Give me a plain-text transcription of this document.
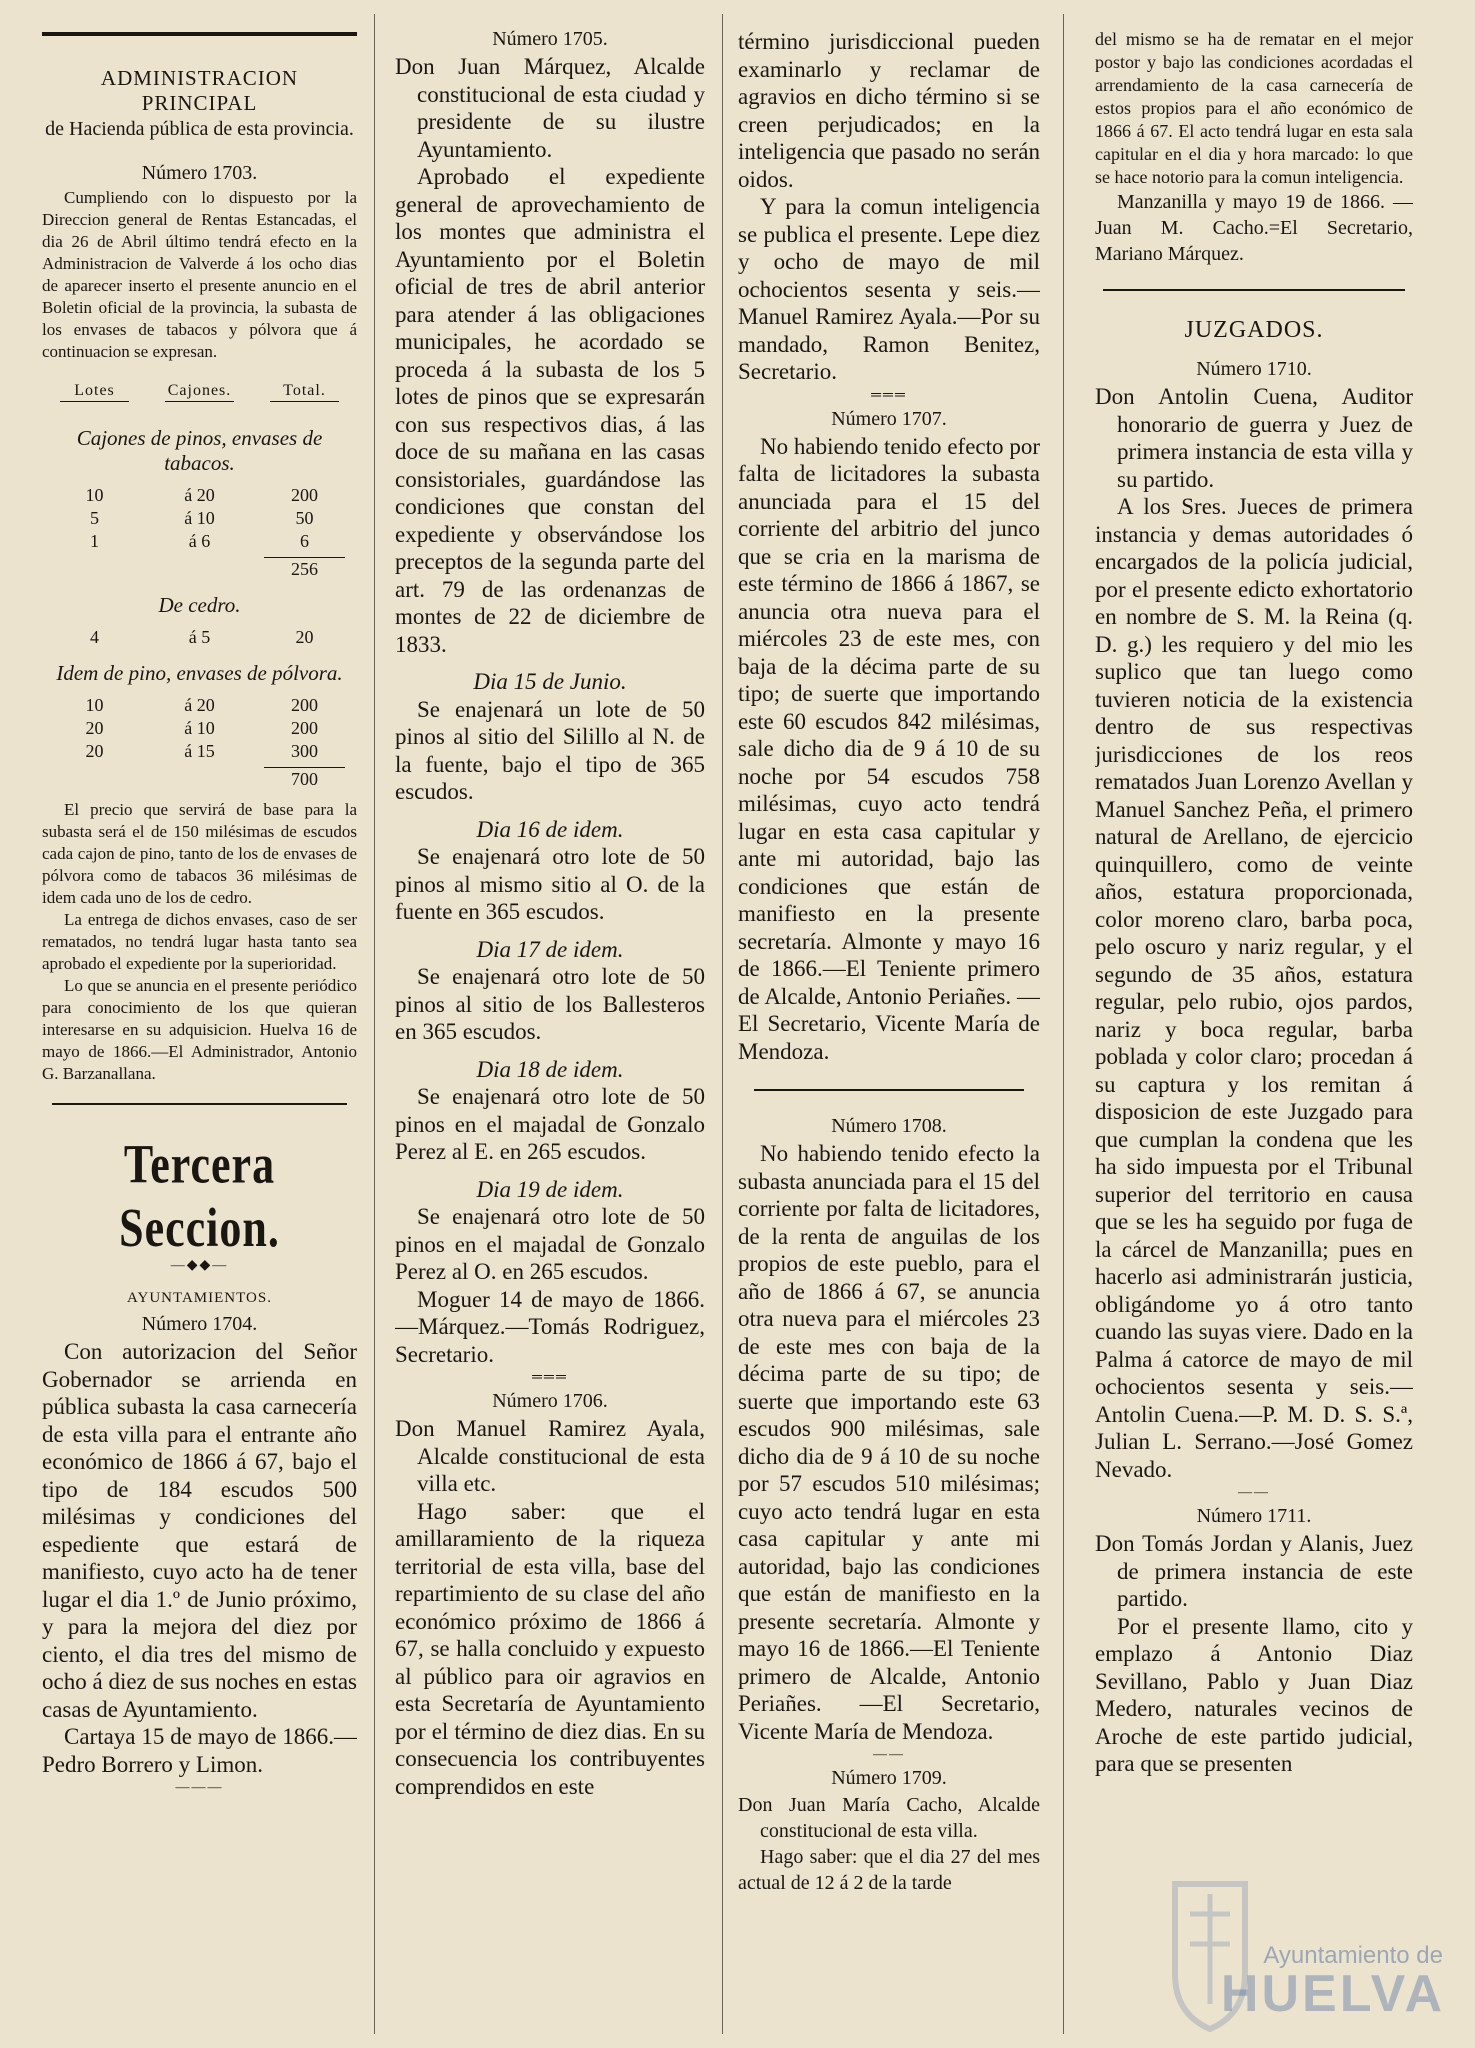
ADMINISTRACION PRINCIPAL
de Hacienda pública de esta provincia.
Número 1703.
Cumpliendo con lo dispuesto por la Direccion general de Rentas Estancadas, el dia 26 de Abril último tendrá efecto en la Administracion de Valverde á los ocho dias de aparecer inserto el presente anuncio en el Boletin oficial de la provincia, la subasta de los envases de tabacos y pólvora que á continuacion se expresan.
Lotes	Cajones.	Total.
Cajones de pinos, envases de tabacos.
10	á 20	200
5	á 10	50
1	á 6	6
256
De cedro.
4	á 5	20
Idem de pino, envases de pólvora.
10	á 20	200
20	á 10	200
20	á 15	300
700
El precio que servirá de base para la subasta será el de 150 milésimas de escudos cada cajon de pino, tanto de los de envases de pólvora como de tabacos 36 milésimas de idem cada uno de los de cedro.
La entrega de dichos envases, caso de ser rematados, no tendrá lugar hasta tanto sea aprobado el expediente por la superioridad.
Lo que se anuncia en el presente periódico para conocimiento de los que quieran interesarse en su adquisicion. Huelva 16 de mayo de 1866.—El Administrador, Antonio G. Barzanallana.
Tercera Seccion.
—◆◆—
AYUNTAMIENTOS.
Número 1704.
Con autorizacion del Señor Gobernador se arrienda en pública subasta la casa carnecería de esta villa para el entrante año económico de 1866 á 67, bajo el tipo de 184 escudos 500 milésimas y condiciones del espediente que estará de manifiesto, cuyo acto ha de tener lugar el dia 1.º de Junio próximo, y para la mejora del diez por ciento, el dia tres del mismo de ocho á diez de sus noches en estas casas de Ayuntamiento.
Cartaya 15 de mayo de 1866.—Pedro Borrero y Limon.
———
Número 1705.
Don Juan Márquez, Alcalde constitucional de esta ciudad y presidente de su ilustre Ayuntamiento.
Aprobado el expediente general de aprovechamiento de los montes que administra el Ayuntamiento por el Boletin oficial de tres de abril anterior para atender á las obligaciones municipales, he acordado se proceda á la subasta de los 5 lotes de pinos que se expresarán con sus respectivos dias, á las doce de su mañana en las casas consistoriales, guardándose las condiciones que constan del expediente y observándose los preceptos de la segunda parte del art. 79 de las ordenanzas de montes de 22 de diciembre de 1833.
Dia 15 de Junio.
Se enajenará un lote de 50 pinos al sitio del Silillo al N. de la fuente, bajo el tipo de 365 escudos.
Dia 16 de idem.
Se enajenará otro lote de 50 pinos al mismo sitio al O. de la fuente en 365 escudos.
Dia 17 de idem.
Se enajenará otro lote de 50 pinos al sitio de los Ballesteros en 365 escudos.
Dia 18 de idem.
Se enajenará otro lote de 50 pinos en el majadal de Gonzalo Perez al E. en 265 escudos.
Dia 19 de idem.
Se enajenará otro lote de 50 pinos en el majadal de Gonzalo Perez al O. en 265 escudos.
Moguer 14 de mayo de 1866.—Márquez.—Tomás Rodriguez, Secretario.
═══
Número 1706.
Don Manuel Ramirez Ayala, Alcalde constitucional de esta villa etc.
Hago saber: que el amillaramiento de la riqueza territorial de esta villa, base del repartimiento de su clase del año económico próximo de 1866 á 67, se halla concluido y expuesto al público para oir agravios en esta Secretaría de Ayuntamiento por el término de diez dias. En su consecuencia los contribuyentes comprendidos en este
término jurisdiccional pueden examinarlo y reclamar de agravios en dicho término si se creen perjudicados; en la inteligencia que pasado no serán oidos.
Y para la comun inteligencia se publica el presente. Lepe diez y ocho de mayo de mil ochocientos sesenta y seis.—Manuel Ramirez Ayala.—Por su mandado, Ramon Benitez, Secretario.
═══
Número 1707.
No habiendo tenido efecto por falta de licitadores la subasta anunciada para el 15 del corriente del arbitrio del junco que se cria en la marisma de este término de 1866 á 1867, se anuncia otra nueva para el miércoles 23 de este mes, con baja de la décima parte de su tipo; de suerte que importando este 60 escudos 842 milésimas, sale dicho dia de 9 á 10 de su noche por 54 escudos 758 milésimas, cuyo acto tendrá lugar en esta casa capitular y ante mi autoridad, bajo las condiciones que están de manifiesto en la presente secretaría. Almonte y mayo 16 de 1866.—El Teniente primero de Alcalde, Antonio Periañes. —El Secretario, Vicente María de Mendoza.
Número 1708.
No habiendo tenido efecto la subasta anunciada para el 15 del corriente por falta de licitadores, de la renta de anguilas de los propios de este pueblo, para el año de 1866 á 67, se anuncia otra nueva para el miércoles 23 de este mes con baja de la décima parte de su tipo; de suerte que importando este 63 escudos 900 milésimas, sale dicho dia de 9 á 10 de su noche por 57 escudos 510 milésimas; cuyo acto tendrá lugar en esta casa capitular y ante mi autoridad, bajo las condiciones que están de manifiesto en la presente secretaría. Almonte y mayo 16 de 1866.—El Teniente primero de Alcalde, Antonio Periañes. —El Secretario, Vicente María de Mendoza.
——
Número 1709.
Don Juan María Cacho, Alcalde constitucional de esta villa.
Hago saber: que el dia 27 del mes actual de 12 á 2 de la tarde
del mismo se ha de rematar en el mejor postor y bajo las condiciones acordadas el arrendamiento de la casa carnecería de estos propios para el año económico de 1866 á 67. El acto tendrá lugar en esta sala capitular en el dia y hora marcado: lo que se hace notorio para la comun inteligencia.
Manzanilla y mayo 19 de 1866. —Juan M. Cacho.=El Secretario, Mariano Márquez.
JUZGADOS.
Número 1710.
Don Antolin Cuena, Auditor honorario de guerra y Juez de primera instancia de esta villa y su partido.
A los Sres. Jueces de primera instancia y demas autoridades ó encargados de la policía judicial, por el presente edicto exhortatorio en nombre de S. M. la Reina (q. D. g.) les requiero y del mio les suplico que tan luego como tuvieren noticia de la existencia dentro de sus respectivas jurisdicciones de los reos rematados Juan Lorenzo Avellan y Manuel Sanchez Peña, el primero natural de Arellano, de ejercicio quinquillero, como de veinte años, estatura proporcionada, color moreno claro, barba poca, pelo oscuro y nariz regular, y el segundo de 35 años, estatura regular, pelo rubio, ojos pardos, nariz y boca regular, barba poblada y color claro; procedan á su captura y los remitan á disposicion de este Juzgado para que cumplan la condena que les ha sido impuesta por el Tribunal superior del territorio en causa que se les ha seguido por fuga de la cárcel de Manzanilla; pues en hacerlo asi administrarán justicia, obligándome yo á otro tanto cuando las suyas viere. Dado en la Palma á catorce de mayo de mil ochocientos sesenta y seis.—Antolin Cuena.—P. M. D. S. S.ª, Julian L. Serrano.—José Gomez Nevado.
——
Número 1711.
Don Tomás Jordan y Alanis, Juez de primera instancia de este partido.
Por el presente llamo, cito y emplazo á Antonio Diaz Sevillano, Pablo y Juan Diaz Medero, naturales vecinos de Aroche de este partido judicial, para que se presenten
Ayuntamiento de
HUELVA
